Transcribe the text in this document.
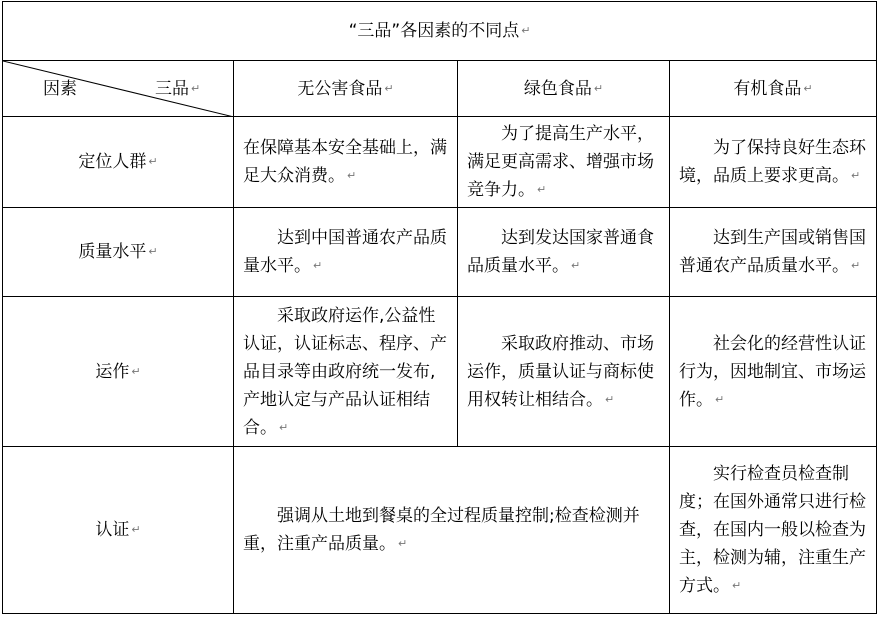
“三品”各因素的不同点 ↵			

因素 三品 ↵	无公害食品 ↵	绿色食品 ↵	有机食品 ↵
定位人群 ↵	在保障基本安全基础上，满足大众消费。 ↵	为了提高生产水平，满足更高需求、增强市场竞争力。 ↵	为了保持良好生态环境，品质上要求更高。 ↵
质量水平 ↵	达到中国普通农产品质量水平。 ↵	达到发达国家普通食品质量水平。 ↵	达到生产国或销售国普通农产品质量水平。 ↵
运作 ↵	采取政府运作,公益性认证，认证标志、程序、产品目录等由政府统一发布,产地认定与产品认证相结合。 ↵	采取政府推动、市场运作，质量认证与商标使用权转让相结合。 ↵	社会化的经营性认证行为，因地制宜、市场运作。 ↵
认证 ↵	强调从土地到餐桌的全过程质量控制;检查检测并重，注重产品质量。 ↵		实行检查员检查制度；在国外通常只进行检查，在国内一般以检查为主，检测为辅，注重生产方式。 ↵
